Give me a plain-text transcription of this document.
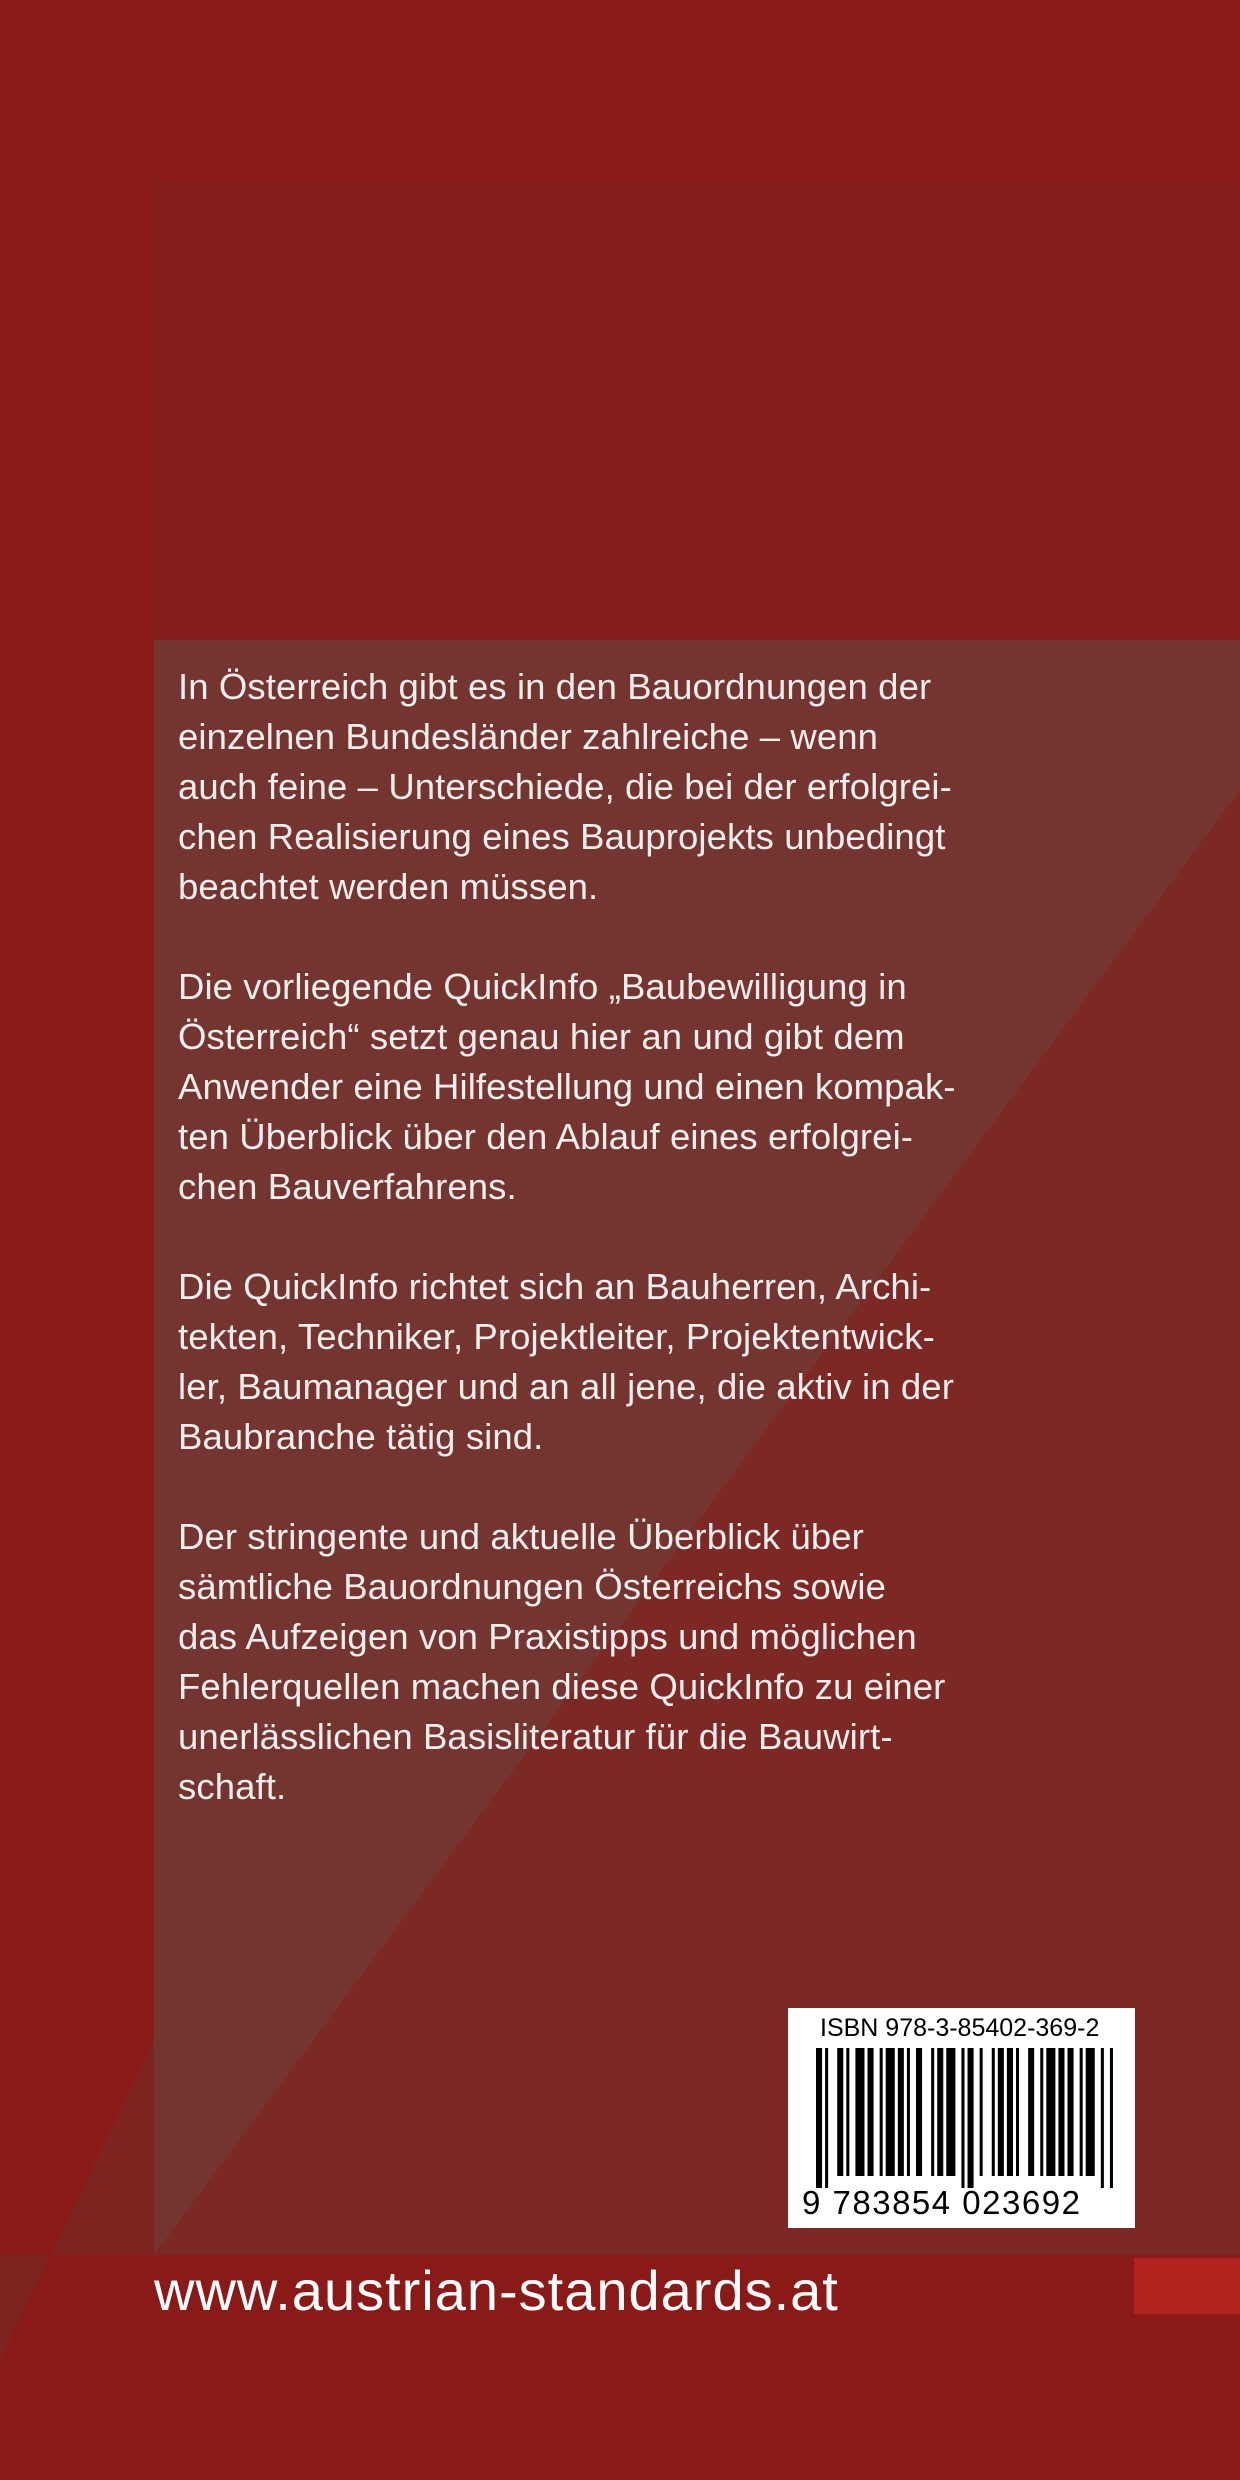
In Österreich gibt es in den Bauordnungen der
einzelnen Bundesländer zahlreiche – wenn
auch feine – Unterschiede, die bei der erfolgrei-
chen Realisierung eines Bauprojekts unbedingt
beachtet werden müssen.

Die vorliegende QuickInfo „Baubewilligung in
Österreich“ setzt genau hier an und gibt dem
Anwender eine Hilfestellung und einen kompak-
ten Überblick über den Ablauf eines erfolgrei-
chen Bauverfahrens.

Die QuickInfo richtet sich an Bauherren, Archi-
tekten, Techniker, Projektleiter, Projektentwick-
ler, Baumanager und an all jene, die aktiv in der
Baubranche tätig sind.

Der stringente und aktuelle Überblick über
sämtliche Bauordnungen Österreichs sowie
das Aufzeigen von Praxistipps und möglichen
Fehlerquellen machen diese QuickInfo zu einer
unerlässlichen Basisliteratur für die Bauwirt-
schaft.

ISBN 978-3-85402-369-2
9 783854 023692
www.austrian-standards.at
